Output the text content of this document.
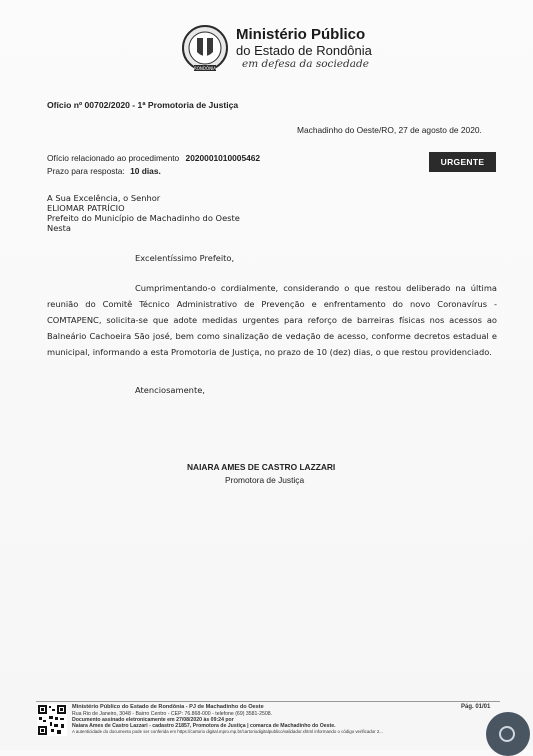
RONDÔNIA
Ministério Público
do Estado de Rondônia
em defesa da sociedade
Ofício nº 00702/2020 - 1ª Promotoria de Justiça
Machadinho do Oeste/RO, 27 de agosto de 2020.
Ofício relacionado ao procedimento 2020001010005462
Prazo para resposta: 10 dias.
URGENTE
A Sua Excelência, o Senhor
ELIOMAR PATRÍCIO
Prefeito do Município de Machadinho do Oeste
Nesta
Excelentíssimo Prefeito,
Cumprimentando-o cordialmente, considerando o que restou deliberado na última reunião do Comitê Técnico Administrativo de Prevenção e enfrentamento do novo Coronavírus - COMTAPENC, solicita-se que adote medidas urgentes para reforço de barreiras físicas nos acessos ao Balneário Cachoeira São josé, bem como sinalização de vedação de acesso, conforme decretos estadual e municipal, informando a esta Promotoria de Justiça, no prazo de 10 (dez) dias, o que restou providenciado.
Atenciosamente,
NAIARA AMES DE CASTRO LAZZARI
Promotora de Justiça
Ministério Público do Estado de Rondônia - PJ de Machadinho do Oeste
Rua Rio de Janeiro, 3048 - Bairro Centro - CEP: 76.868-000 - telefone (69) 3581-2508.
Documento assinado eletronicamente em 27/08/2020 às 09:24 por
Naiara Ames de Castro Lazzari - cadastro 21857, Promotora de Justiça | comarca de Machadinho do Oeste.
A autenticidade do documento pode ser conferida em https://cartorio digital.mpro.mp.br/cartoriodigitalpublico/validador.xhtml informando o código verificador 2...
Pág. 01/01
